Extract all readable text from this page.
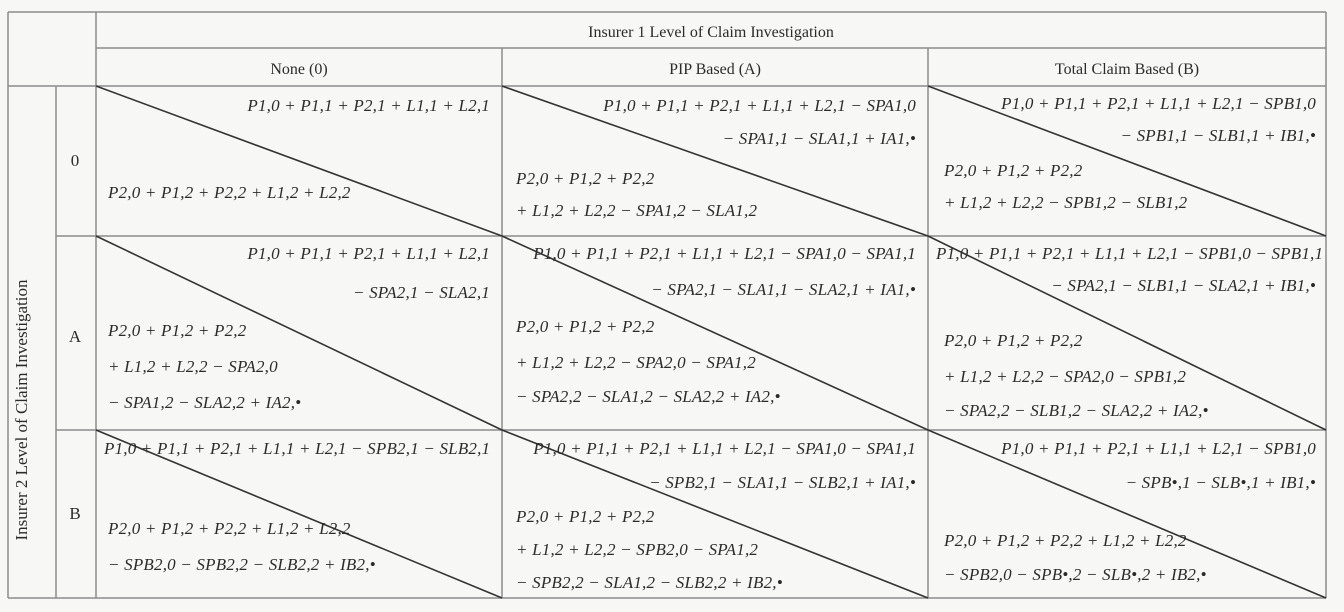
Insurer 1 Level of Claim Investigation
None (0)	PIP Based (A)	Total Claim Based (B)
Insurer 2 Level of Claim Investigation
0
A
B
P1,0 + P1,1 + P2,1 + L1,1 + L2,1
P2,0 + P1,2 + P2,2 + L1,2 + L2,2
P1,0 + P1,1 + P2,1 + L1,1 + L2,1 − SPA1,0
− SPA1,1 − SLA1,1 + IA1,•
P2,0 + P1,2 + P2,2
+ L1,2 + L2,2 − SPA1,2 − SLA1,2
P1,0 + P1,1 + P2,1 + L1,1 + L2,1 − SPB1,0
− SPB1,1 − SLB1,1 + IB1,•
P2,0 + P1,2 + P2,2
+ L1,2 + L2,2 − SPB1,2 − SLB1,2
P1,0 + P1,1 + P2,1 + L1,1 + L2,1
− SPA2,1 − SLA2,1
P2,0 + P1,2 + P2,2
+ L1,2 + L2,2 − SPA2,0
− SPA1,2 − SLA2,2 + IA2,•
P1,0 + P1,1 + P2,1 + L1,1 + L2,1 − SPA1,0 − SPA1,1
− SPA2,1 − SLA1,1 − SLA2,1 + IA1,•
P2,0 + P1,2 + P2,2
+ L1,2 + L2,2 − SPA2,0 − SPA1,2
− SPA2,2 − SLA1,2 − SLA2,2 + IA2,•
P1,0 + P1,1 + P2,1 + L1,1 + L2,1 − SPB1,0 − SPB1,1
− SPA2,1 − SLB1,1 − SLA2,1 + IB1,•
P2,0 + P1,2 + P2,2
+ L1,2 + L2,2 − SPA2,0 − SPB1,2
− SPA2,2 − SLB1,2 − SLA2,2 + IA2,•
P1,0 + P1,1 + P2,1 + L1,1 + L2,1 − SPB2,1 − SLB2,1
P2,0 + P1,2 + P2,2 + L1,2 + L2,2
− SPB2,0 − SPB2,2 − SLB2,2 + IB2,•
P1,0 + P1,1 + P2,1 + L1,1 + L2,1 − SPA1,0 − SPA1,1
− SPB2,1 − SLA1,1 − SLB2,1 + IA1,•
P2,0 + P1,2 + P2,2
+ L1,2 + L2,2 − SPB2,0 − SPA1,2
− SPB2,2 − SLA1,2 − SLB2,2 + IB2,•
P1,0 + P1,1 + P2,1 + L1,1 + L2,1 − SPB1,0
− SPB•,1 − SLB•,1 + IB1,•
P2,0 + P1,2 + P2,2 + L1,2 + L2,2
− SPB2,0 − SPB•,2 − SLB•,2 + IB2,•
